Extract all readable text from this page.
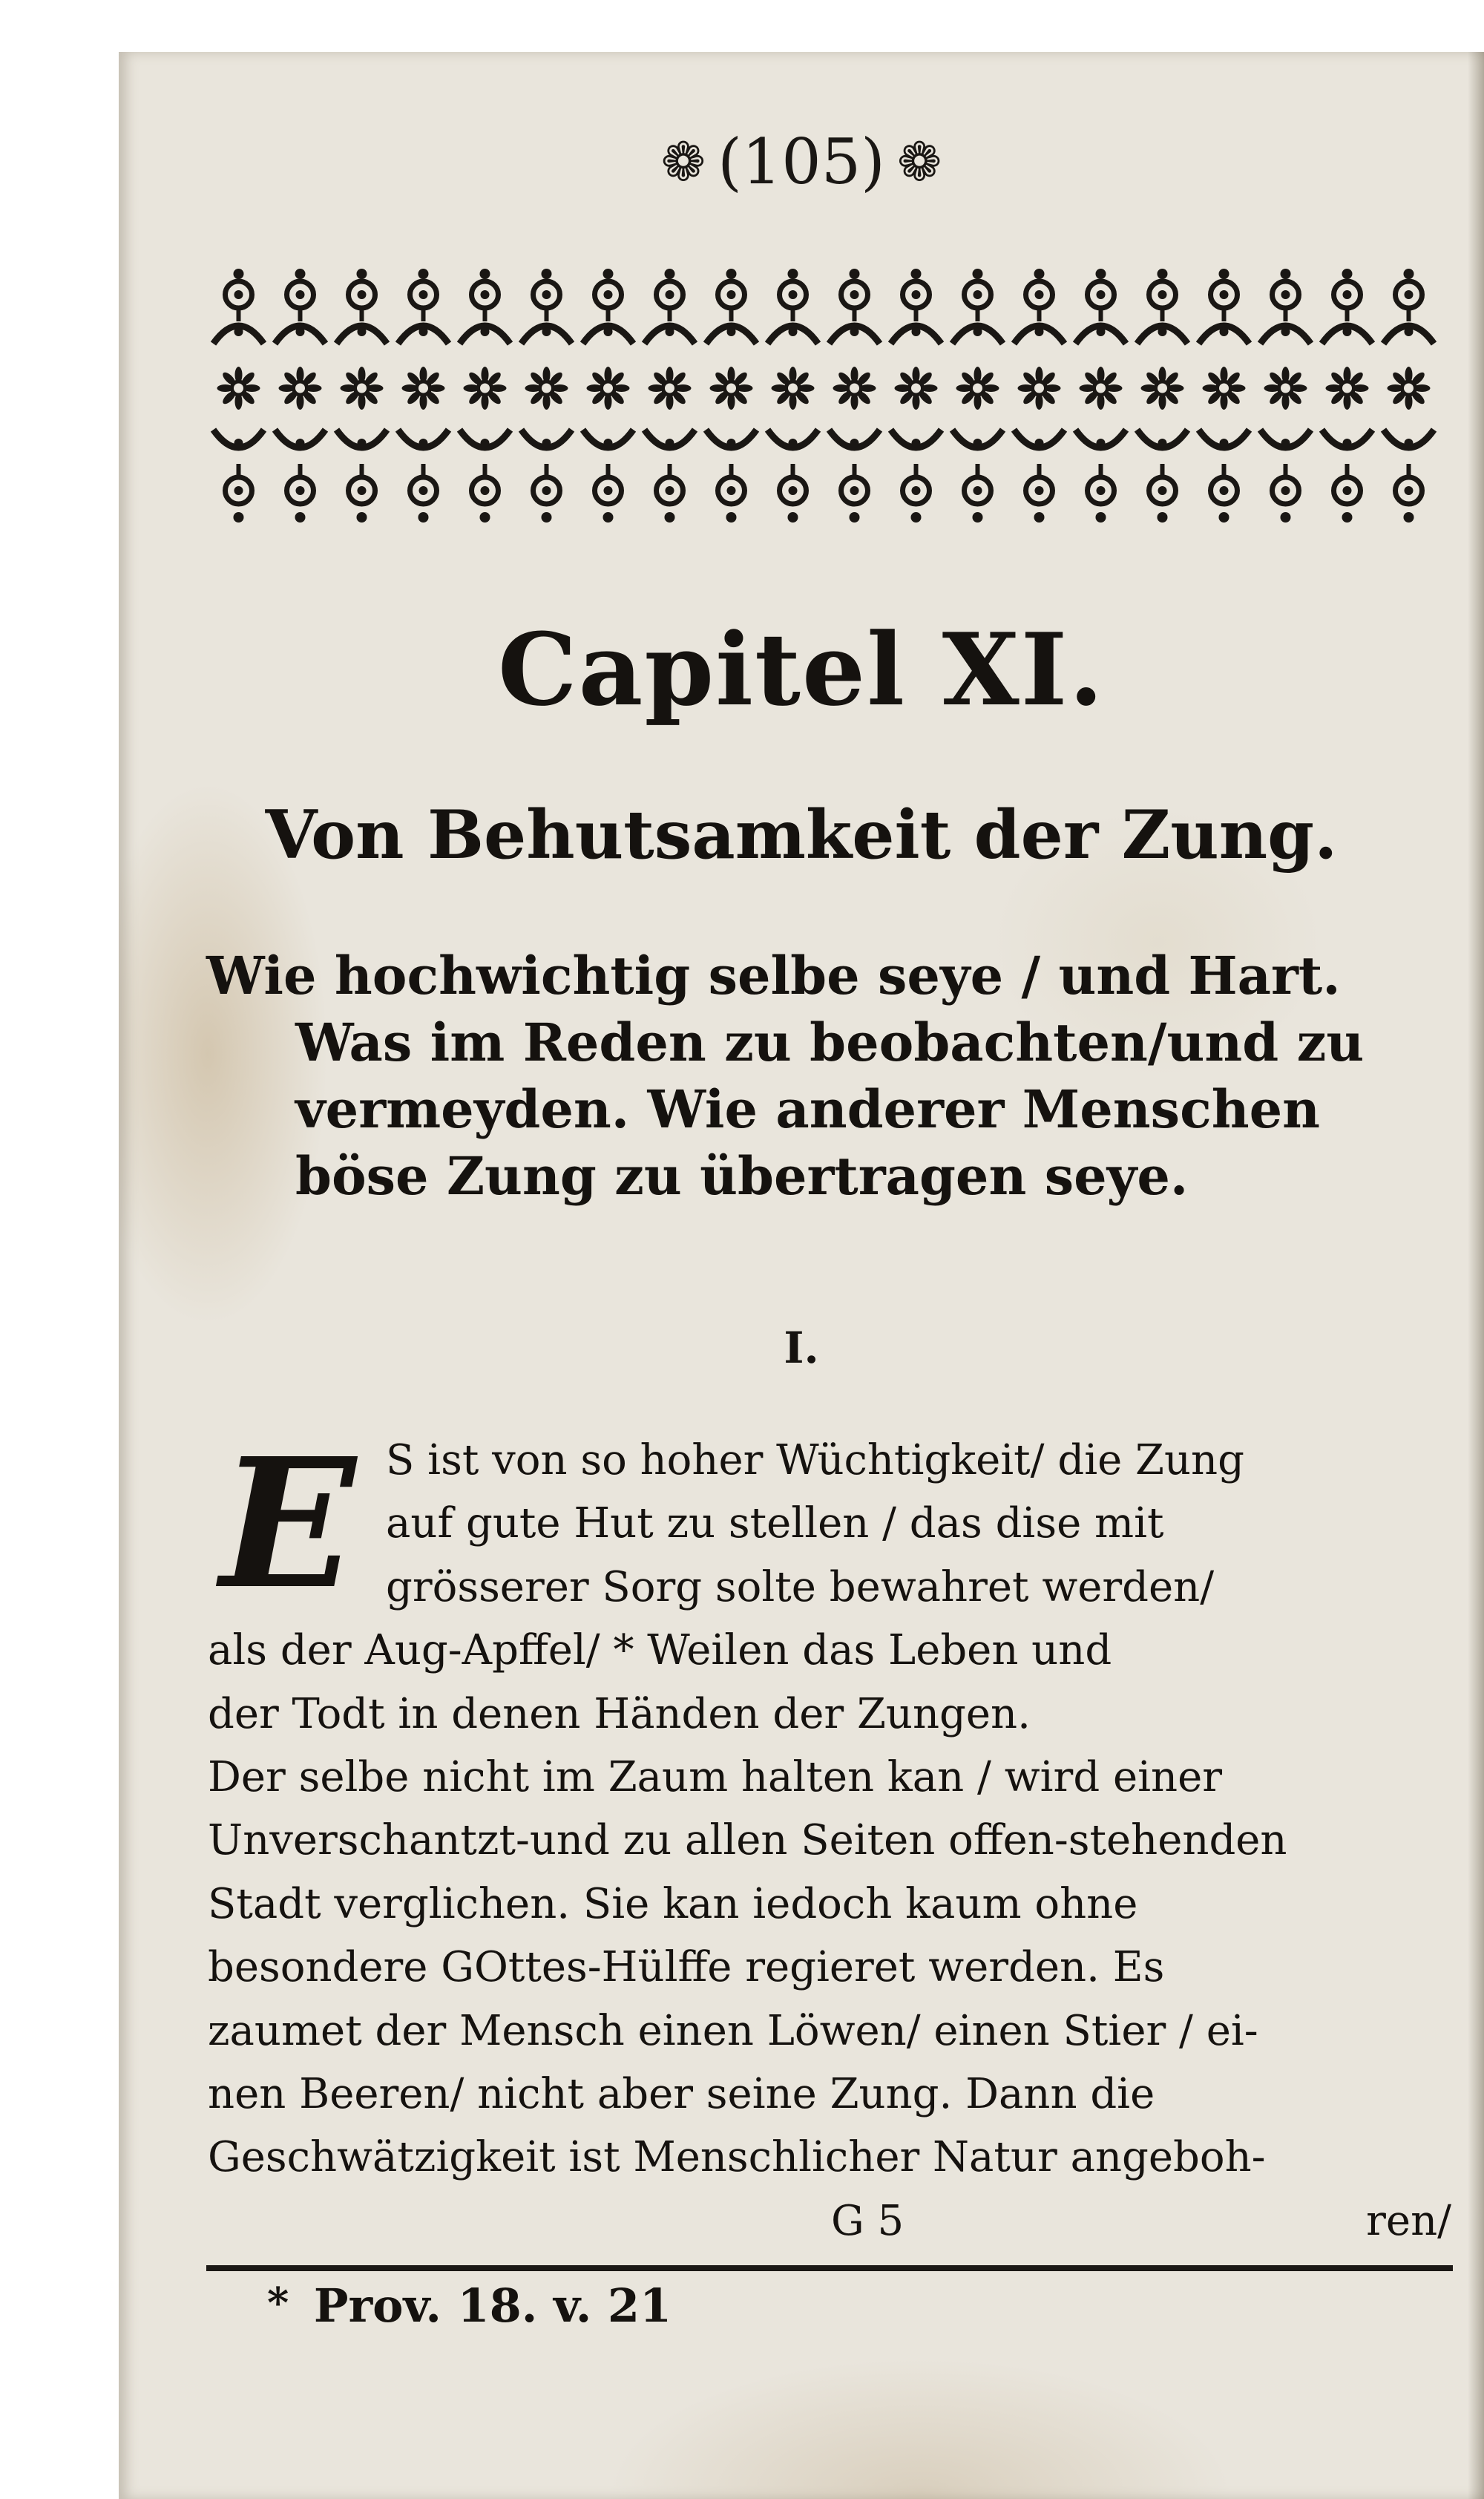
❁ (105) ❁
Capitel XI.
Von Behutsamkeit der Zung.
Wie hochwichtig selbe seye / und Hart.
Was im Reden zu beobachten/und zu
vermeyden. Wie anderer Menschen
böse Zung zu übertragen seye.
I.
E S ist von so hoher Wüchtigkeit/ die Zung
auf gute Hut zu stellen / das dise mit
grösserer Sorg solte bewahret werden/
als der Aug-Apffel/ * Weilen das Leben und
der Todt in denen Händen der Zungen.
Der selbe nicht im Zaum halten kan / wird einer
Unverschantzt-und zu allen Seiten offen-stehenden
Stadt verglichen. Sie kan iedoch kaum ohne
besondere GOttes-Hülffe regieret werden. Es
zaumet der Mensch einen Löwen/ einen Stier / ei-
nen Beeren/ nicht aber seine Zung. Dann die
Geschwätzigkeit ist Menschlicher Natur angeboh-
G 5	ren/
* Prov. 18. v. 21
